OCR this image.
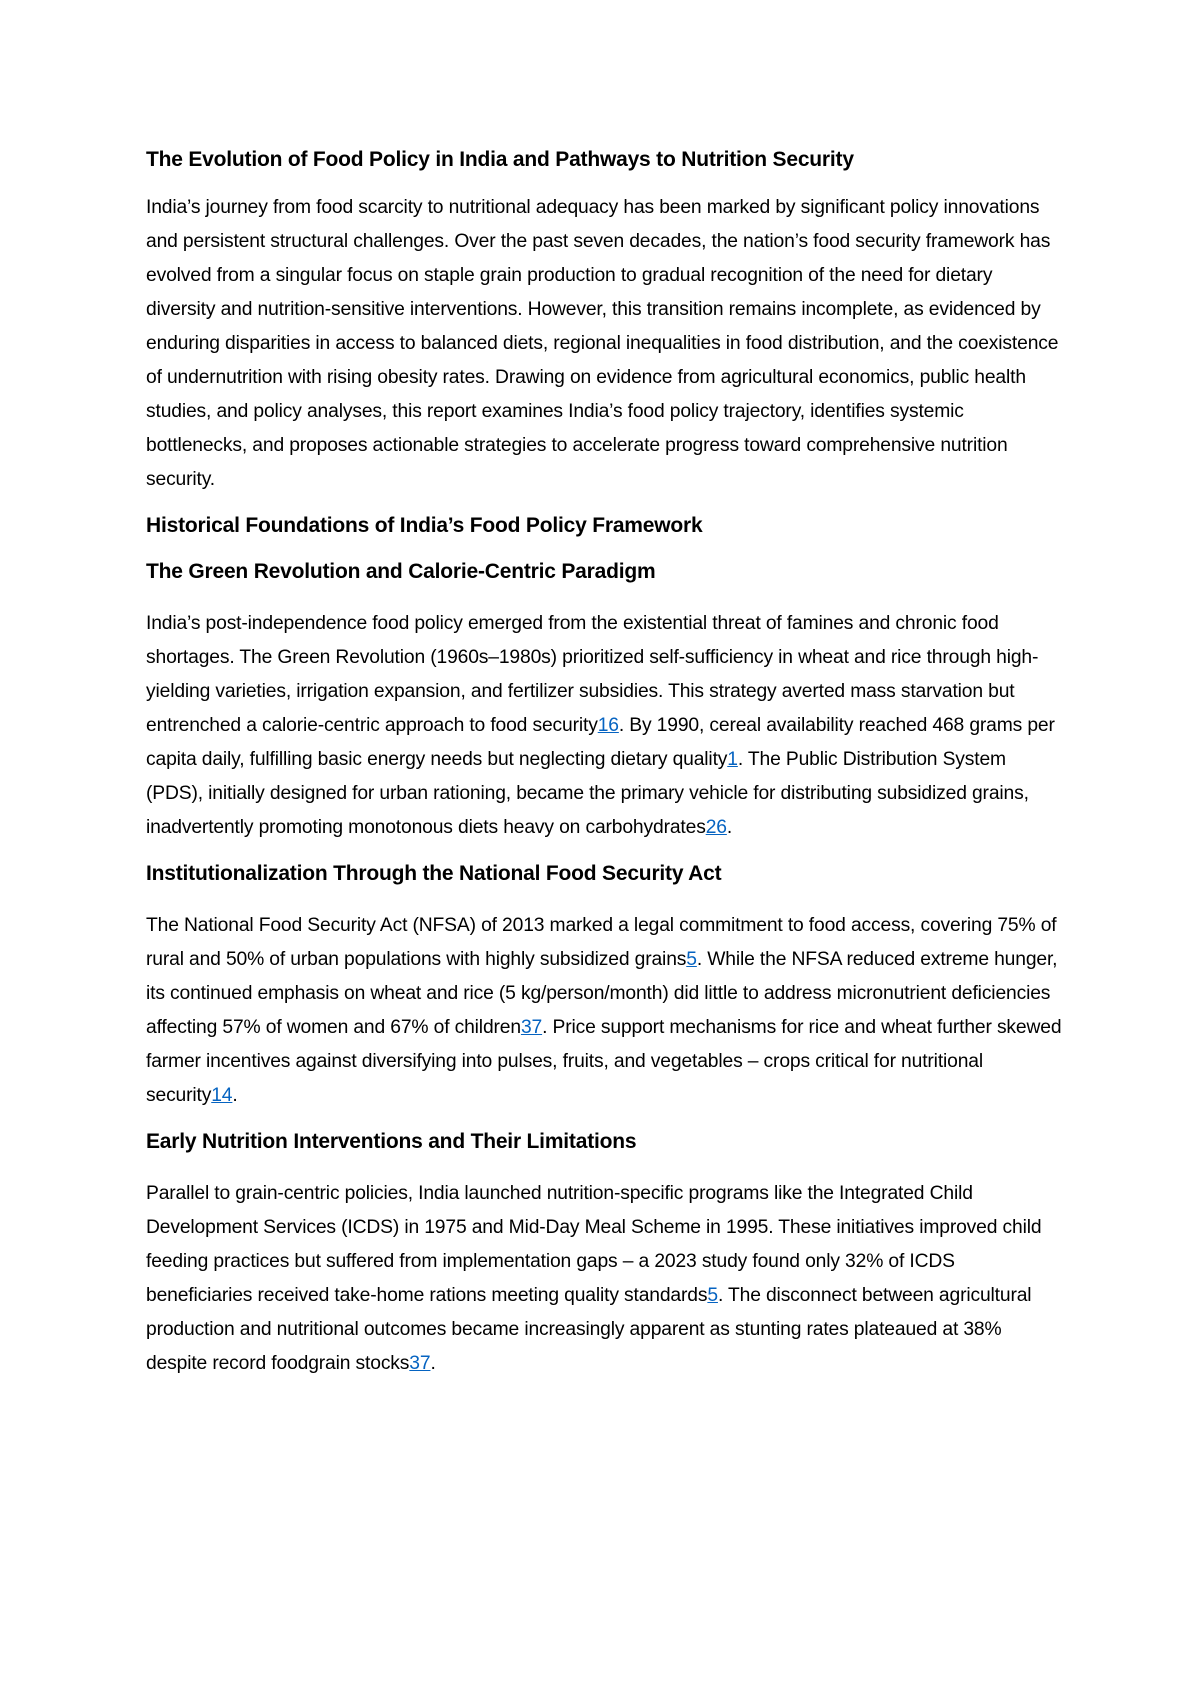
The Evolution of Food Policy in India and Pathways to Nutrition Security

India’s journey from food scarcity to nutritional adequacy has been marked by significant policy innovations and persistent structural challenges. Over the past seven decades, the nation’s food security framework has evolved from a singular focus on staple grain production to gradual recognition of the need for dietary diversity and nutrition-sensitive interventions. However, this transition remains incomplete, as evidenced by enduring disparities in access to balanced diets, regional inequalities in food distribution, and the coexistence of undernutrition with rising obesity rates. Drawing on evidence from agricultural economics, public health studies, and policy analyses, this report examines India’s food policy trajectory, identifies systemic bottlenecks, and proposes actionable strategies to accelerate progress toward comprehensive nutrition security.

Historical Foundations of India’s Food Policy Framework
The Green Revolution and Calorie-Centric Paradigm

India’s post-independence food policy emerged from the existential threat of famines and chronic food shortages. The Green Revolution (1960s–1980s) prioritized self-sufficiency in wheat and rice through high-yielding varieties, irrigation expansion, and fertilizer subsidies. This strategy averted mass starvation but entrenched a calorie-centric approach to food security16. By 1990, cereal availability reached 468 grams per capita daily, fulfilling basic energy needs but neglecting dietary quality1. The Public Distribution System (PDS), initially designed for urban rationing, became the primary vehicle for distributing subsidized grains, inadvertently promoting monotonous diets heavy on carbohydrates26.

Institutionalization Through the National Food Security Act

The National Food Security Act (NFSA) of 2013 marked a legal commitment to food access, covering 75% of rural and 50% of urban populations with highly subsidized grains5. While the NFSA reduced extreme hunger, its continued emphasis on wheat and rice (5 kg/person/month) did little to address micronutrient deficiencies affecting 57% of women and 67% of children37. Price support mechanisms for rice and wheat further skewed farmer incentives against diversifying into pulses, fruits, and vegetables – crops critical for nutritional security14.

Early Nutrition Interventions and Their Limitations

Parallel to grain-centric policies, India launched nutrition-specific programs like the Integrated Child Development Services (ICDS) in 1975 and Mid-Day Meal Scheme in 1995. These initiatives improved child feeding practices but suffered from implementation gaps – a 2023 study found only 32% of ICDS beneficiaries received take-home rations meeting quality standards5. The disconnect between agricultural production and nutritional outcomes became increasingly apparent as stunting rates plateaued at 38% despite record foodgrain stocks37.
